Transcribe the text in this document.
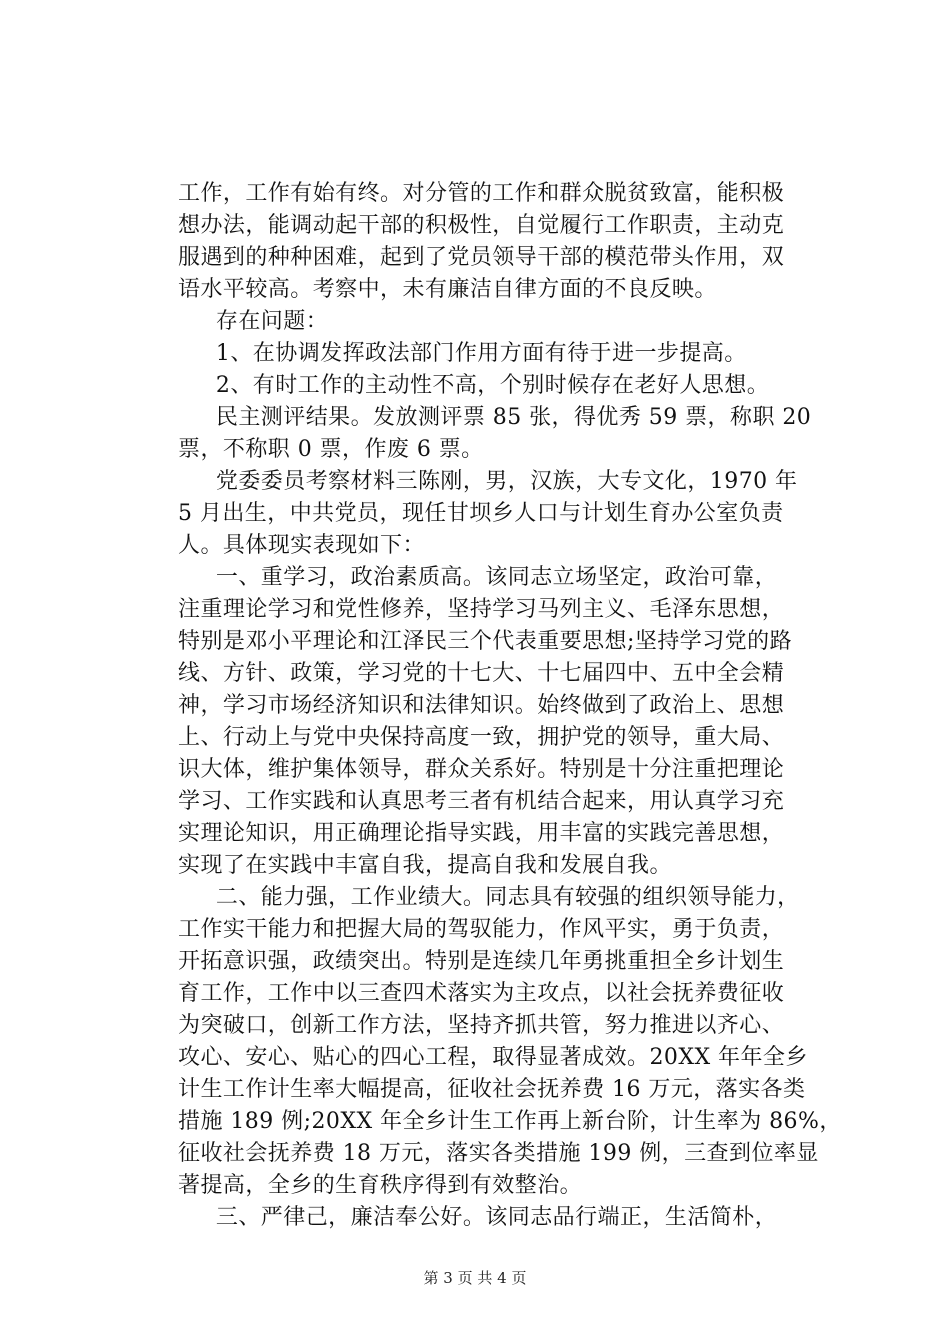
工作，工作有始有终。对分管的工作和群众脱贫致富，能积极
想办法，能调动起干部的积极性，自觉履行工作职责，主动克
服遇到的种种困难，起到了党员领导干部的模范带头作用，双
语水平较高。考察中，未有廉洁自律方面的不良反映。
　　存在问题：
　　1、在协调发挥政法部门作用方面有待于进一步提高。
　　2、有时工作的主动性不高，个别时候存在老好人思想。
　　民主测评结果。发放测评票 85 张，得优秀 59 票，称职 20
票，不称职 0 票，作废 6 票。
　　党委委员考察材料三陈刚，男，汉族，大专文化，1970 年
5 月出生，中共党员，现任甘坝乡人口与计划生育办公室负责
人。具体现实表现如下：
　　一、重学习，政治素质高。该同志立场坚定，政治可靠，
注重理论学习和党性修养，坚持学习马列主义、毛泽东思想，
特别是邓小平理论和江泽民三个代表重要思想;坚持学习党的路
线、方针、政策，学习党的十七大、十七届四中、五中全会精
神，学习市场经济知识和法律知识。始终做到了政治上、思想
上、行动上与党中央保持高度一致，拥护党的领导，重大局、
识大体，维护集体领导，群众关系好。特别是十分注重把理论
学习、工作实践和认真思考三者有机结合起来，用认真学习充
实理论知识，用正确理论指导实践，用丰富的实践完善思想，
实现了在实践中丰富自我，提高自我和发展自我。
　　二、能力强，工作业绩大。同志具有较强的组织领导能力，
工作实干能力和把握大局的驾驭能力，作风平实，勇于负责，
开拓意识强，政绩突出。特别是连续几年勇挑重担全乡计划生
育工作，工作中以三查四术落实为主攻点，以社会抚养费征收
为突破口，创新工作方法，坚持齐抓共管，努力推进以齐心、
攻心、安心、贴心的四心工程，取得显著成效。20XX 年年全乡
计生工作计生率大幅提高，征收社会抚养费 16 万元，落实各类
措施 189 例;20XX 年全乡计生工作再上新台阶，计生率为 86%，
征收社会抚养费 18 万元，落实各类措施 199 例，三查到位率显
著提高，全乡的生育秩序得到有效整治。
　　三、严律己，廉洁奉公好。该同志品行端正，生活简朴，
第 3 页 共 4 页
